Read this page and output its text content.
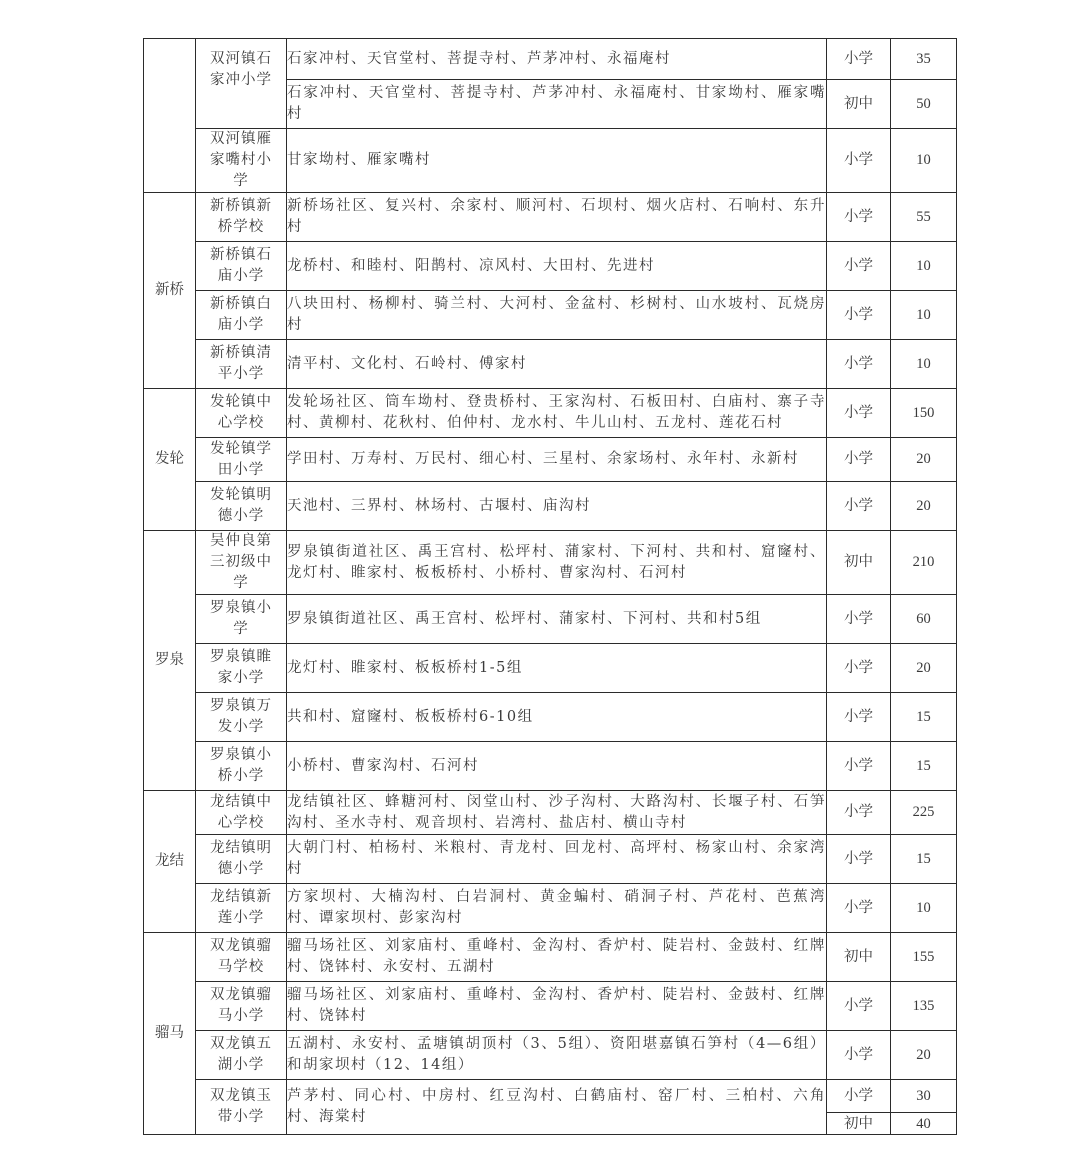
	双河镇石家冲小学	石家冲村、天官堂村、菩提寺村、芦茅冲村、永福庵村	小学	35
		石家冲村、天官堂村、菩提寺村、芦茅冲村、永福庵村、甘家坳村、雁家嘴村	初中	50
	双河镇雁家嘴村小学	甘家坳村、雁家嘴村	小学	10
新桥	新桥镇新桥学校	新桥场社区、复兴村、余家村、顺河村、石坝村、烟火店村、石响村、东升村	小学	55
	新桥镇石庙小学	龙桥村、和睦村、阳鹊村、凉风村、大田村、先进村	小学	10
	新桥镇白庙小学	八块田村、杨柳村、骑兰村、大河村、金盆村、杉树村、山水坡村、瓦烧房村	小学	10
	新桥镇清平小学	清平村、文化村、石岭村、傅家村	小学	10
发轮	发轮镇中心学校	发轮场社区、筒车坳村、登贵桥村、王家沟村、石板田村、白庙村、寨子寺村、黄柳村、花秋村、伯仲村、龙水村、牛儿山村、五龙村、莲花石村	小学	150
	发轮镇学田小学	学田村、万寿村、万民村、细心村、三星村、余家场村、永年村、永新村	小学	20
	发轮镇明德小学	天池村、三界村、林场村、古堰村、庙沟村	小学	20
罗泉	吴仲良第三初级中学	罗泉镇街道社区、禹王宫村、松坪村、蒲家村、下河村、共和村、窟窿村、龙灯村、睢家村、板板桥村、小桥村、曹家沟村、石河村	初中	210
	罗泉镇小学	罗泉镇街道社区、禹王宫村、松坪村、蒲家村、下河村、共和村5组	小学	60
	罗泉镇睢家小学	龙灯村、睢家村、板板桥村1-5组	小学	20
	罗泉镇万发小学	共和村、窟窿村、板板桥村6-10组	小学	15
	罗泉镇小桥小学	小桥村、曹家沟村、石河村	小学	15
龙结	龙结镇中心学校	龙结镇社区、蜂糖河村、闵堂山村、沙子沟村、大路沟村、长堰子村、石笋沟村、圣水寺村、观音坝村、岩湾村、盐店村、横山寺村	小学	225
	龙结镇明德小学	大朝门村、柏杨村、米粮村、青龙村、回龙村、高坪村、杨家山村、余家湾村	小学	15
	龙结镇新莲小学	方家坝村、大楠沟村、白岩洞村、黄金蝙村、硝洞子村、芦花村、芭蕉湾村、谭家坝村、彭家沟村	小学	10
骝马	双龙镇骝马学校	骝马场社区、刘家庙村、重峰村、金沟村、香炉村、陡岩村、金鼓村、红牌村、饶钵村、永安村、五湖村	初中	155
	双龙镇骝马小学	骝马场社区、刘家庙村、重峰村、金沟村、香炉村、陡岩村、金鼓村、红牌村、饶钵村	小学	135
	双龙镇五湖小学	五湖村、永安村、孟塘镇胡顶村（3、5组）、资阳堪嘉镇石笋村（4—6组）和胡家坝村（12、14组）	小学	20
	双龙镇玉带小学	芦茅村、同心村、中房村、红豆沟村、白鹤庙村、窑厂村、三柏村、六角村、海棠村	小学	30
			初中	40
